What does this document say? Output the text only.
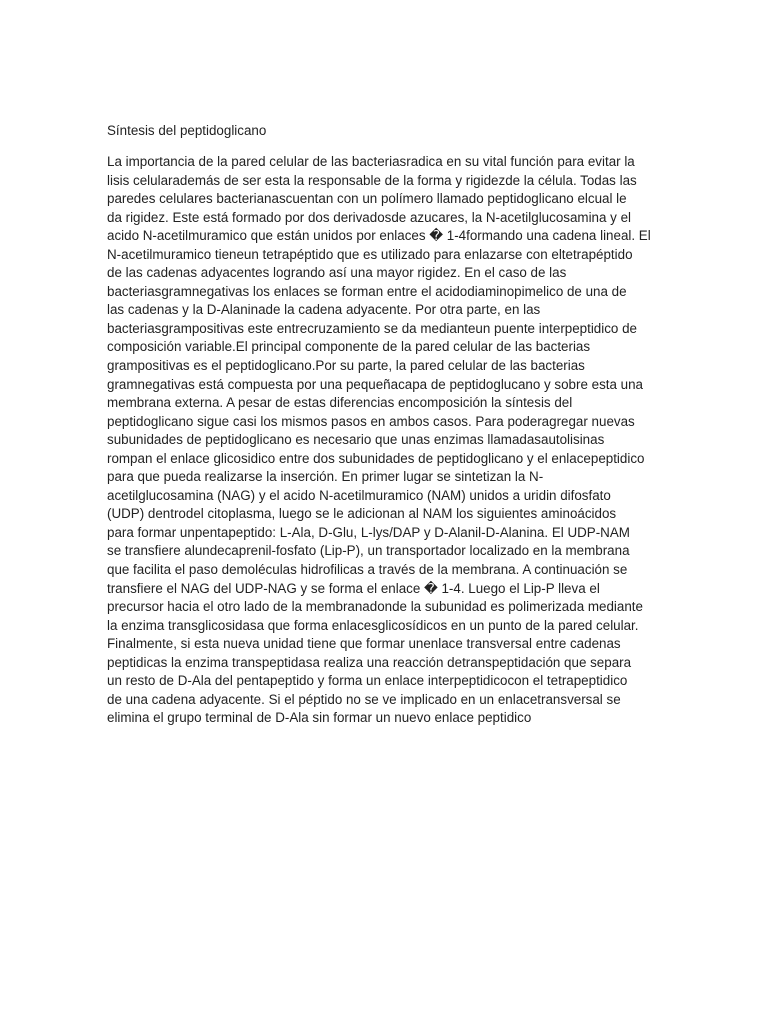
Síntesis del peptidoglicano
La importancia de la pared celular de las bacteriasradica en su vital función para evitar la
lisis celularademás de ser esta la responsable de la forma y rigidezde la célula. Todas las
paredes celulares bacterianascuentan con un polímero llamado peptidoglicano elcual le
da rigidez. Este está formado por dos derivadosde azucares, la N-acetilglucosamina y el
acido N-acetilmuramico que están unidos por enlaces � 1-4formando una cadena lineal. El
N-acetilmuramico tieneun tetrapéptido que es utilizado para enlazarse con eltetrapéptido
de las cadenas adyacentes logrando así una mayor rigidez. En el caso de las
bacteriasgramnegativas los enlaces se forman entre el acidodiaminopimelico de una de
las cadenas y la D-Alaninade la cadena adyacente. Por otra parte, en las
bacteriasgrampositivas este entrecruzamiento se da medianteun puente interpeptidico de
composición variable.El principal componente de la pared celular de las bacterias
grampositivas es el peptidoglicano.Por su parte, la pared celular de las bacterias
gramnegativas está compuesta por una pequeñacapa de peptidoglucano y sobre esta una
membrana externa. A pesar de estas diferencias encomposición la síntesis del
peptidoglicano sigue casi los mismos pasos en ambos casos. Para poderagregar nuevas
subunidades de peptidoglicano es necesario que unas enzimas llamadasautolisinas
rompan el enlace glicosidico entre dos subunidades de peptidoglicano y el enlacepeptidico
para que pueda realizarse la inserción. En primer lugar se sintetizan la N-
acetilglucosamina (NAG) y el acido N-acetilmuramico (NAM) unidos a uridin difosfato
(UDP) dentrodel citoplasma, luego se le adicionan al NAM los siguientes aminoácidos
para formar unpentapeptido: L-Ala, D-Glu, L-lys/DAP y D-Alanil-D-Alanina. El UDP-NAM
se transfiere alundecaprenil-fosfato (Lip-P), un transportador localizado en la membrana
que facilita el paso demoléculas hidrofilicas a través de la membrana. A continuación se
transfiere el NAG del UDP-NAG y se forma el enlace � 1-4. Luego el Lip-P lleva el
precursor hacia el otro lado de la membranadonde la subunidad es polimerizada mediante
la enzima transglicosidasa que forma enlacesglicosídicos en un punto de la pared celular.
Finalmente, si esta nueva unidad tiene que formar unenlace transversal entre cadenas
peptidicas la enzima transpeptidasa realiza una reacción detranspeptidación que separa
un resto de D-Ala del pentapeptido y forma un enlace interpeptidicocon el tetrapeptidico
de una cadena adyacente. Si el péptido no se ve implicado en un enlacetransversal se
elimina el grupo terminal de D-Ala sin formar un nuevo enlace peptidico
